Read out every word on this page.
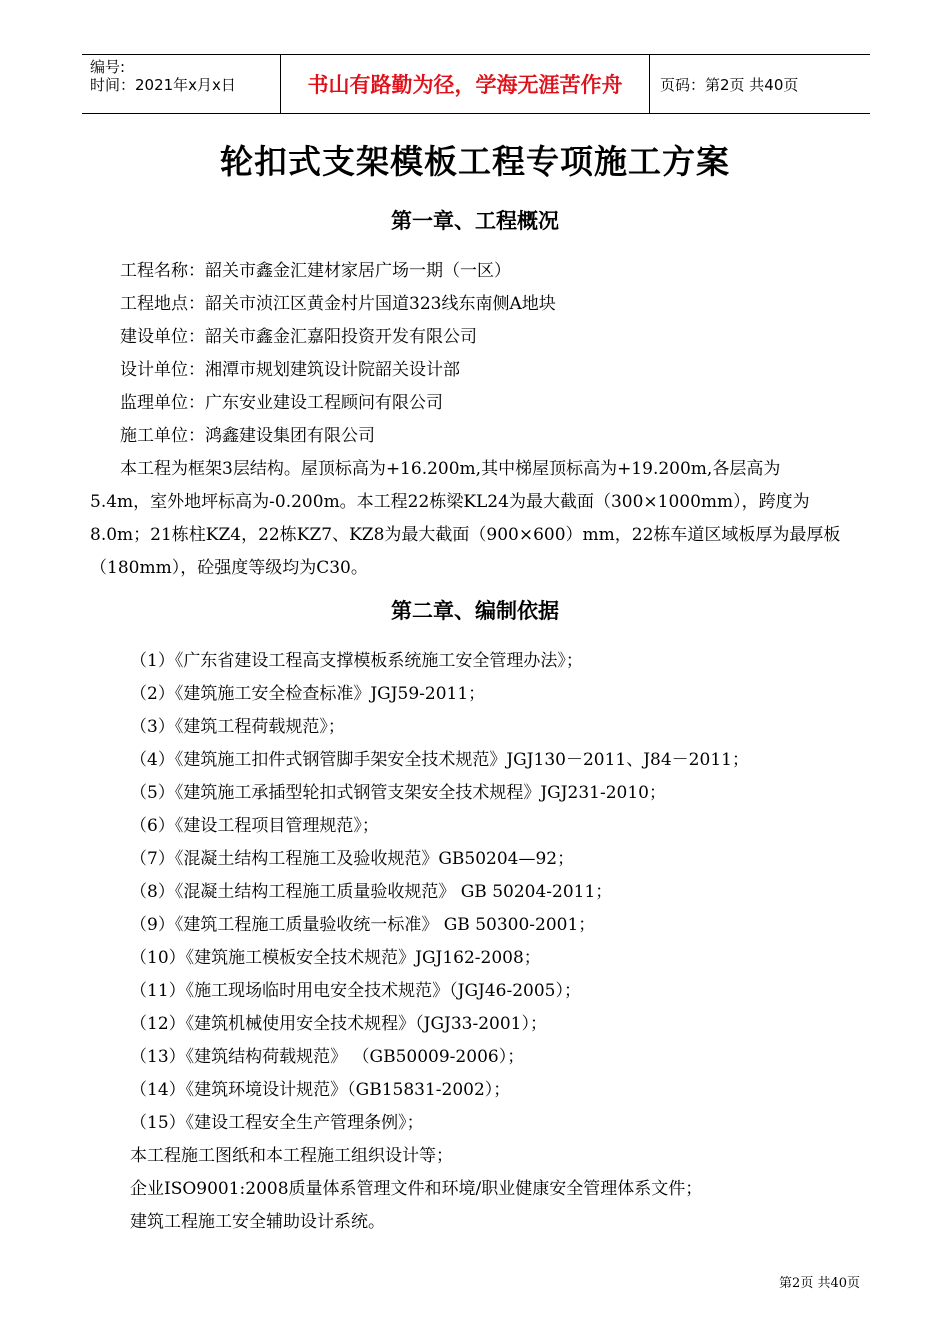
编号:
时间：2021年x月x日	书山有路勤为径，学海无涯苦作舟	页码：第2页 共40页
轮扣式支架模板工程专项施工方案
第一章、工程概况
工程名称：韶关市鑫金汇建材家居广场一期（一区）
工程地点：韶关市浈江区黄金村片国道323线东南侧A地块
建设单位：韶关市鑫金汇嘉阳投资开发有限公司
设计单位：湘潭市规划建筑设计院韶关设计部
监理单位：广东安业建设工程顾问有限公司
施工单位：鸿鑫建设集团有限公司
本工程为框架3层结构。屋顶标高为+16.200m,其中梯屋顶标高为+19.200m,各层高为
5.4m，室外地坪标高为-0.200m。本工程22栋梁KL24为最大截面（300×1000mm），跨度为
8.0m；21栋柱KZ4，22栋KZ7、KZ8为最大截面（900×600）mm，22栋车道区域板厚为最厚板
（180mm），砼强度等级均为C30。
第二章、编制依据
（1）《广东省建设工程高支撑模板系统施工安全管理办法》；
（2）《建筑施工安全检查标准》JGJ59-2011；
（3）《建筑工程荷载规范》；
（4）《建筑施工扣件式钢管脚手架安全技术规范》JGJ130－2011、J84－2011；
（5）《建筑施工承插型轮扣式钢管支架安全技术规程》JGJ231-2010；
（6）《建设工程项目管理规范》；
（7）《混凝土结构工程施工及验收规范》GB50204—92；
（8）《混凝土结构工程施工质量验收规范》 GB 50204-2011；
（9）《建筑工程施工质量验收统一标准》 GB 50300-2001；
（10）《建筑施工模板安全技术规范》JGJ162-2008；
（11）《施工现场临时用电安全技术规范》（JGJ46-2005）；
（12）《建筑机械使用安全技术规程》（JGJ33-2001）；
（13）《建筑结构荷载规范》 （GB50009-2006）；
（14）《建筑环境设计规范》（GB15831-2002）；
（15）《建设工程安全生产管理条例》；
本工程施工图纸和本工程施工组织设计等；
企业ISO9001:2008质量体系管理文件和环境/职业健康安全管理体系文件；
建筑工程施工安全辅助设计系统。
第2页 共40页
